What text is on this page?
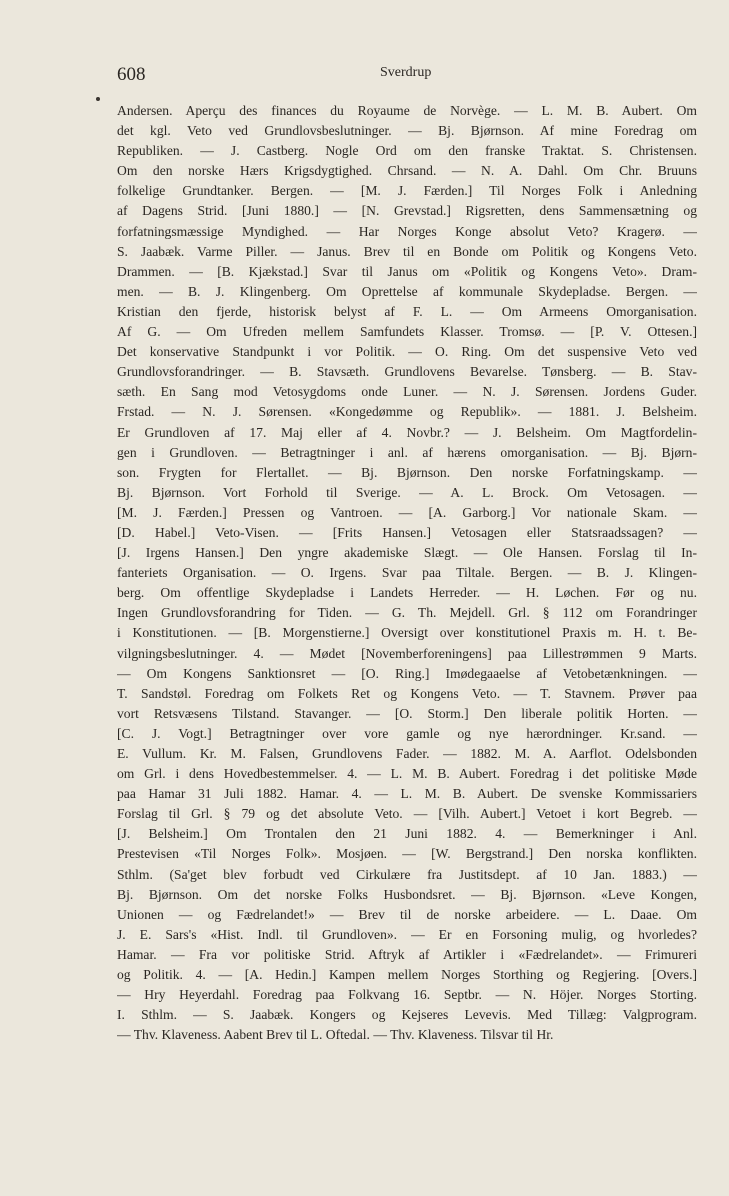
608	Sverdrup
Andersen. Aperçu des finances du Royaume de Norvège. — L. M. B. Aubert. Om
det kgl. Veto ved Grundlovsbeslutninger. — Bj. Bjørnson. Af mine Foredrag om
Republiken. — J. Castberg. Nogle Ord om den franske Traktat. S. Christensen.
Om den norske Hærs Krigsdygtighed. Chrsand. — N. A. Dahl. Om Chr. Bruuns
folkelige Grundtanker. Bergen. — [M. J. Færden.] Til Norges Folk i Anledning
af Dagens Strid. [Juni 1880.] — [N. Grevstad.] Rigsretten, dens Sammensætning og
forfatningsmæssige Myndighed. — Har Norges Konge absolut Veto? Kragerø. —
S. Jaabæk. Varme Piller. — Janus. Brev til en Bonde om Politik og Kongens Veto.
Drammen. — [B. Kjækstad.] Svar til Janus om «Politik og Kongens Veto». Dram-
men. — B. J. Klingenberg. Om Oprettelse af kommunale Skydepladse. Bergen. —
Kristian den fjerde, historisk belyst af F. L. — Om Armeens Omorganisation.
Af G. — Om Ufreden mellem Samfundets Klasser. Tromsø. — [P. V. Ottesen.]
Det konservative Standpunkt i vor Politik. — O. Ring. Om det suspensive Veto ved
Grundlovsforandringer. — B. Stavsæth. Grundlovens Bevarelse. Tønsberg. — B. Stav-
sæth. En Sang mod Vetosygdoms onde Luner. — N. J. Sørensen. Jordens Guder.
Frstad. — N. J. Sørensen. «Kongedømme og Republik». — 1881. J. Belsheim.
Er Grundloven af 17. Maj eller af 4. Novbr.? — J. Belsheim. Om Magtfordelin-
gen i Grundloven. — Betragtninger i anl. af hærens omorganisation. — Bj. Bjørn-
son. Frygten for Flertallet. — Bj. Bjørnson. Den norske Forfatningskamp. —
Bj. Bjørnson. Vort Forhold til Sverige. — A. L. Brock. Om Vetosagen. —
[M. J. Færden.] Pressen og Vantroen. — [A. Garborg.] Vor nationale Skam. —
[D. Habel.] Veto-Visen. — [Frits Hansen.] Vetosagen eller Statsraadssagen? —
[J. Irgens Hansen.] Den yngre akademiske Slægt. — Ole Hansen. Forslag til In-
fanteriets Organisation. — O. Irgens. Svar paa Tiltale. Bergen. — B. J. Klingen-
berg. Om offentlige Skydepladse i Landets Herreder. — H. Løchen. Før og nu.
Ingen Grundlovsforandring for Tiden. — G. Th. Mejdell. Grl. § 112 om Forandringer
i Konstitutionen. — [B. Morgenstierne.] Oversigt over konstitutionel Praxis m. H. t. Be-
vilgningsbeslutninger. 4. — Mødet [Novemberforeningens] paa Lillestrømmen 9 Marts.
— Om Kongens Sanktionsret — [O. Ring.] Imødegaaelse af Vetobetænkningen. —
T. Sandstøl. Foredrag om Folkets Ret og Kongens Veto. — T. Stavnem. Prøver paa
vort Retsvæsens Tilstand. Stavanger. — [O. Storm.] Den liberale politik Horten. —
[C. J. Vogt.] Betragtninger over vore gamle og nye hærordninger. Kr.sand. —
E. Vullum. Kr. M. Falsen, Grundlovens Fader. — 1882. M. A. Aarflot. Odelsbonden
om Grl. i dens Hovedbestemmelser. 4. — L. M. B. Aubert. Foredrag i det politiske Møde
paa Hamar 31 Juli 1882. Hamar. 4. — L. M. B. Aubert. De svenske Kommissariers
Forslag til Grl. § 79 og det absolute Veto. — [Vilh. Aubert.] Vetoet i kort Begreb. —
[J. Belsheim.] Om Trontalen den 21 Juni 1882. 4. — Bemerkninger i Anl.
Prestevisen «Til Norges Folk». Mosjøen. — [W. Bergstrand.] Den norska konflikten.
Sthlm. (Sa'get blev forbudt ved Cirkulære fra Justitsdept. af 10 Jan. 1883.) —
Bj. Bjørnson. Om det norske Folks Husbondsret. — Bj. Bjørnson. «Leve Kongen,
Unionen — og Fædrelandet!» — Brev til de norske arbeidere. — L. Daae. Om
J. E. Sars's «Hist. Indl. til Grundloven». — Er en Forsoning mulig, og hvorledes?
Hamar. — Fra vor politiske Strid. Aftryk af Artikler i «Fædrelandet». — Frimureri
og Politik. 4. — [A. Hedin.] Kampen mellem Norges Storthing og Regjering. [Overs.]
— Hry Heyerdahl. Foredrag paa Folkvang 16. Septbr. — N. Höjer. Norges Storting.
I. Sthlm. — S. Jaabæk. Kongers og Kejseres Levevis. Med Tillæg: Valgprogram.
— Thv. Klaveness. Aabent Brev til L. Oftedal. — Thv. Klaveness. Tilsvar til Hr.
